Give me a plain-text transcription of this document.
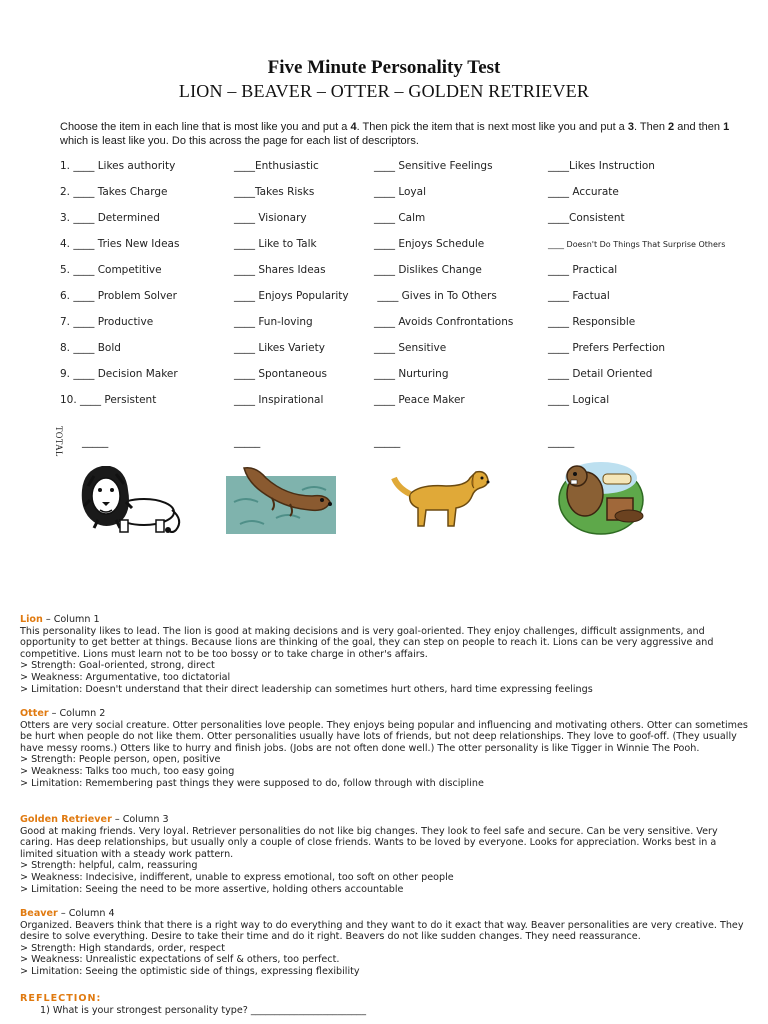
Five Minute Personality Test
LION – BEAVER – OTTER – GOLDEN RETRIEVER
Choose the item in each line that is most like you and put a 4. Then pick the item that is next most like you and put a 3. Then 2 and then 1 which is least like you. Do this across the page for each list of descriptors.
1. ____ Likes authority	____Enthusiastic	____ Sensitive Feelings	____Likes Instruction
2. ____ Takes Charge	____Takes Risks	____ Loyal	____ Accurate
3. ____ Determined	____ Visionary	____ Calm	____Consistent
4. ____ Tries New Ideas	____ Like to Talk	____ Enjoys Schedule	____ Doesn't Do Things That Surprise Others
5. ____ Competitive	____ Shares Ideas	____ Dislikes Change	____ Practical
6. ____ Problem Solver	____ Enjoys Popularity ____ Gives in To Others	____ Factual
7. ____ Productive	____ Fun-loving	____ Avoids Confrontations	____ Responsible
8. ____ Bold	____ Likes Variety	____ Sensitive	____ Prefers Perfection
9. ____ Decision Maker	____ Spontaneous	____ Nurturing	____ Detail Oriented
10. ____ Persistent	____ Inspirational	____ Peace Maker	____ Logical
TOTAL _____	_____	_____	_____
Lion – Column 1
This personality likes to lead. The lion is good at making decisions and is very goal-oriented. They enjoy challenges, difficult assignments, and opportunity to get better at things. Because lions are thinking of the goal, they can step on people to reach it. Lions can be very aggressive and competitive. Lions must learn not to be too bossy or to take charge in other's affairs.
> Strength: Goal-oriented, strong, direct
> Weakness: Argumentative, too dictatorial
> Limitation: Doesn't understand that their direct leadership can sometimes hurt others, hard time expressing feelings
Otter – Column 2
Otters are very social creature. Otter personalities love people. They enjoys being popular and influencing and motivating others. Otter can sometimes be hurt when people do not like them. Otter personalities usually have lots of friends, but not deep relationships. They love to goof-off. (They usually have messy rooms.) Otters like to hurry and finish jobs. (Jobs are not often done well.) The otter personality is like Tigger in Winnie The Pooh.
> Strength: People person, open, positive
> Weakness: Talks too much, too easy going
> Limitation: Remembering past things they were supposed to do, follow through with discipline
Golden Retriever – Column 3
Good at making friends. Very loyal. Retriever personalities do not like big changes. They look to feel safe and secure. Can be very sensitive. Very caring. Has deep relationships, but usually only a couple of close friends. Wants to be loved by everyone. Looks for appreciation. Works best in a limited situation with a steady work pattern.
> Strength: helpful, calm, reassuring
> Weakness: Indecisive, indifferent, unable to express emotional, too soft on other people
> Limitation: Seeing the need to be more assertive, holding others accountable
Beaver – Column 4
Organized. Beavers think that there is a right way to do everything and they want to do it exact that way. Beaver personalities are very creative. They desire to solve everything. Desire to take their time and do it right. Beavers do not like sudden changes. They need reassurance.
> Strength: High standards, order, respect
> Weakness: Unrealistic expectations of self & others, too perfect.
> Limitation: Seeing the optimistic side of things, expressing flexibility
REFLECTION:
1) What is your strongest personality type? ________________________
